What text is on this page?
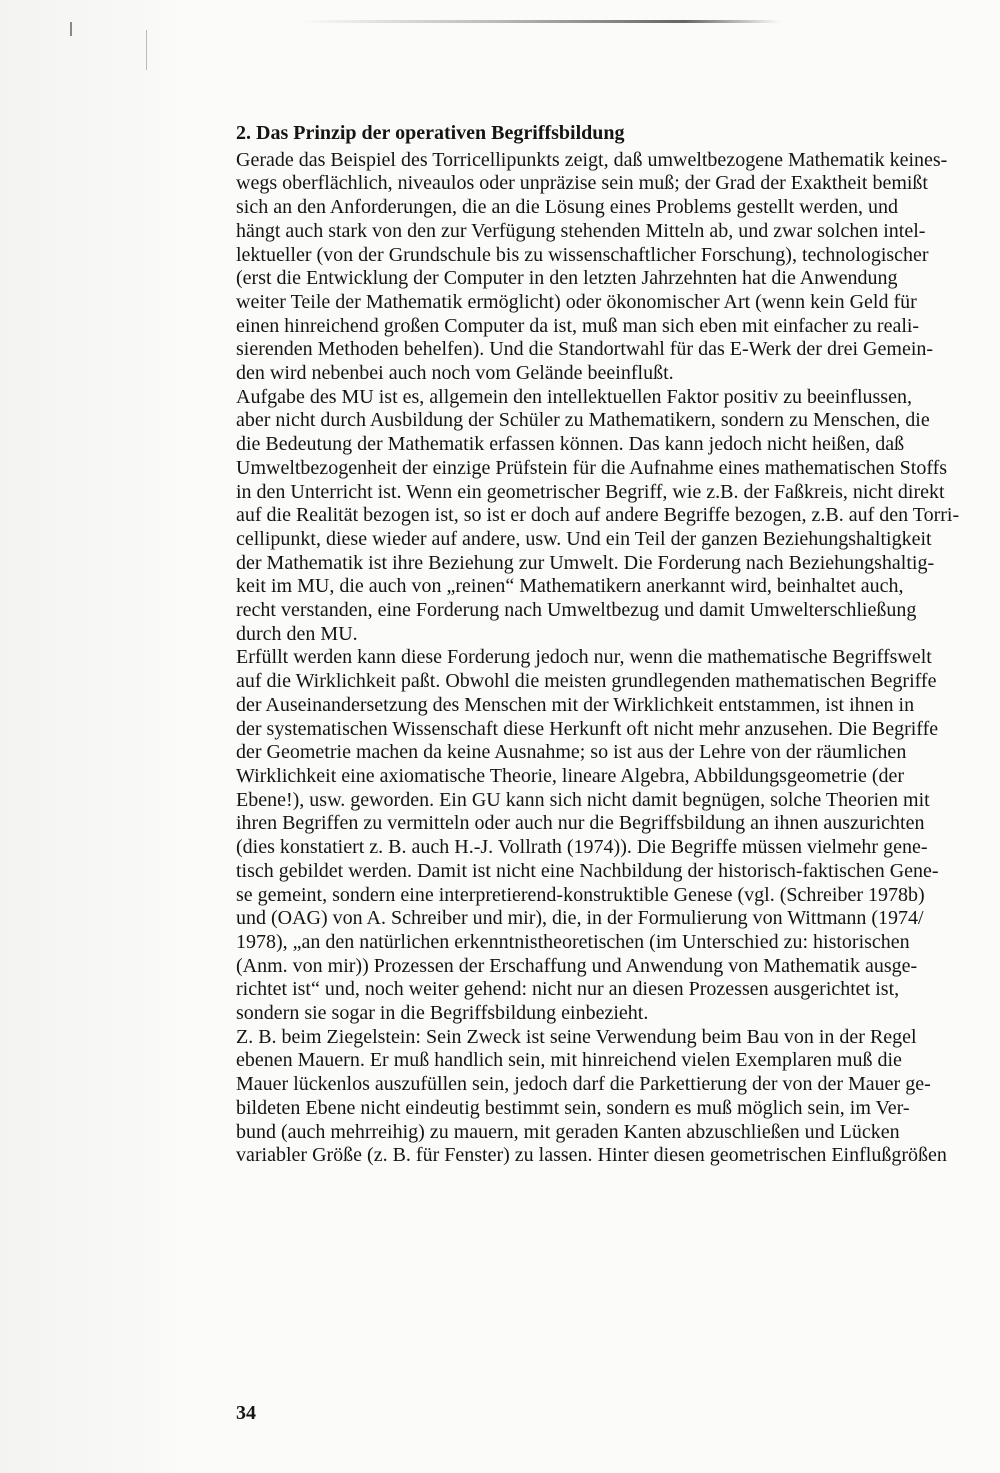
2. Das Prinzip der operativen Begriffsbildung
Gerade das Beispiel des Torricellipunkts zeigt, daß umweltbezogene Mathematik keines-
wegs oberflächlich, niveaulos oder unpräzise sein muß; der Grad der Exaktheit bemißt
sich an den Anforderungen, die an die Lösung eines Problems gestellt werden, und
hängt auch stark von den zur Verfügung stehenden Mitteln ab, und zwar solchen intel-
lektueller (von der Grundschule bis zu wissenschaftlicher Forschung), technologischer
(erst die Entwicklung der Computer in den letzten Jahrzehnten hat die Anwendung
weiter Teile der Mathematik ermöglicht) oder ökonomischer Art (wenn kein Geld für
einen hinreichend großen Computer da ist, muß man sich eben mit einfacher zu reali-
sierenden Methoden behelfen). Und die Standortwahl für das E-Werk der drei Gemein-
den wird nebenbei auch noch vom Gelände beeinflußt.
Aufgabe des MU ist es, allgemein den intellektuellen Faktor positiv zu beeinflussen,
aber nicht durch Ausbildung der Schüler zu Mathematikern, sondern zu Menschen, die
die Bedeutung der Mathematik erfassen können. Das kann jedoch nicht heißen, daß
Umweltbezogenheit der einzige Prüfstein für die Aufnahme eines mathematischen Stoffs
in den Unterricht ist. Wenn ein geometrischer Begriff, wie z.B. der Faßkreis, nicht direkt
auf die Realität bezogen ist, so ist er doch auf andere Begriffe bezogen, z.B. auf den Torri-
cellipunkt, diese wieder auf andere, usw. Und ein Teil der ganzen Beziehungshaltigkeit
der Mathematik ist ihre Beziehung zur Umwelt. Die Forderung nach Beziehungshaltig-
keit im MU, die auch von „reinen“ Mathematikern anerkannt wird, beinhaltet auch,
recht verstanden, eine Forderung nach Umweltbezug und damit Umwelterschließung
durch den MU.
Erfüllt werden kann diese Forderung jedoch nur, wenn die mathematische Begriffswelt
auf die Wirklichkeit paßt. Obwohl die meisten grundlegenden mathematischen Begriffe
der Auseinandersetzung des Menschen mit der Wirklichkeit entstammen, ist ihnen in
der systematischen Wissenschaft diese Herkunft oft nicht mehr anzusehen. Die Begriffe
der Geometrie machen da keine Ausnahme; so ist aus der Lehre von der räumlichen
Wirklichkeit eine axiomatische Theorie, lineare Algebra, Abbildungsgeometrie (der
Ebene!), usw. geworden. Ein GU kann sich nicht damit begnügen, solche Theorien mit
ihren Begriffen zu vermitteln oder auch nur die Begriffsbildung an ihnen auszurichten
(dies konstatiert z. B. auch H.-J. Vollrath (1974)). Die Begriffe müssen vielmehr gene-
tisch gebildet werden. Damit ist nicht eine Nachbildung der historisch-faktischen Gene-
se gemeint, sondern eine interpretierend-konstruktible Genese (vgl. (Schreiber 1978b)
und (OAG) von A. Schreiber und mir), die, in der Formulierung von Wittmann (1974/
1978), „an den natürlichen erkenntnistheoretischen (im Unterschied zu: historischen
(Anm. von mir)) Prozessen der Erschaffung und Anwendung von Mathematik ausge-
richtet ist“ und, noch weiter gehend: nicht nur an diesen Prozessen ausgerichtet ist,
sondern sie sogar in die Begriffsbildung einbezieht.
Z. B. beim Ziegelstein: Sein Zweck ist seine Verwendung beim Bau von in der Regel
ebenen Mauern. Er muß handlich sein, mit hinreichend vielen Exemplaren muß die
Mauer lückenlos auszufüllen sein, jedoch darf die Parkettierung der von der Mauer ge-
bildeten Ebene nicht eindeutig bestimmt sein, sondern es muß möglich sein, im Ver-
bund (auch mehrreihig) zu mauern, mit geraden Kanten abzuschließen und Lücken
variabler Größe (z. B. für Fenster) zu lassen. Hinter diesen geometrischen Einflußgrößen
34
